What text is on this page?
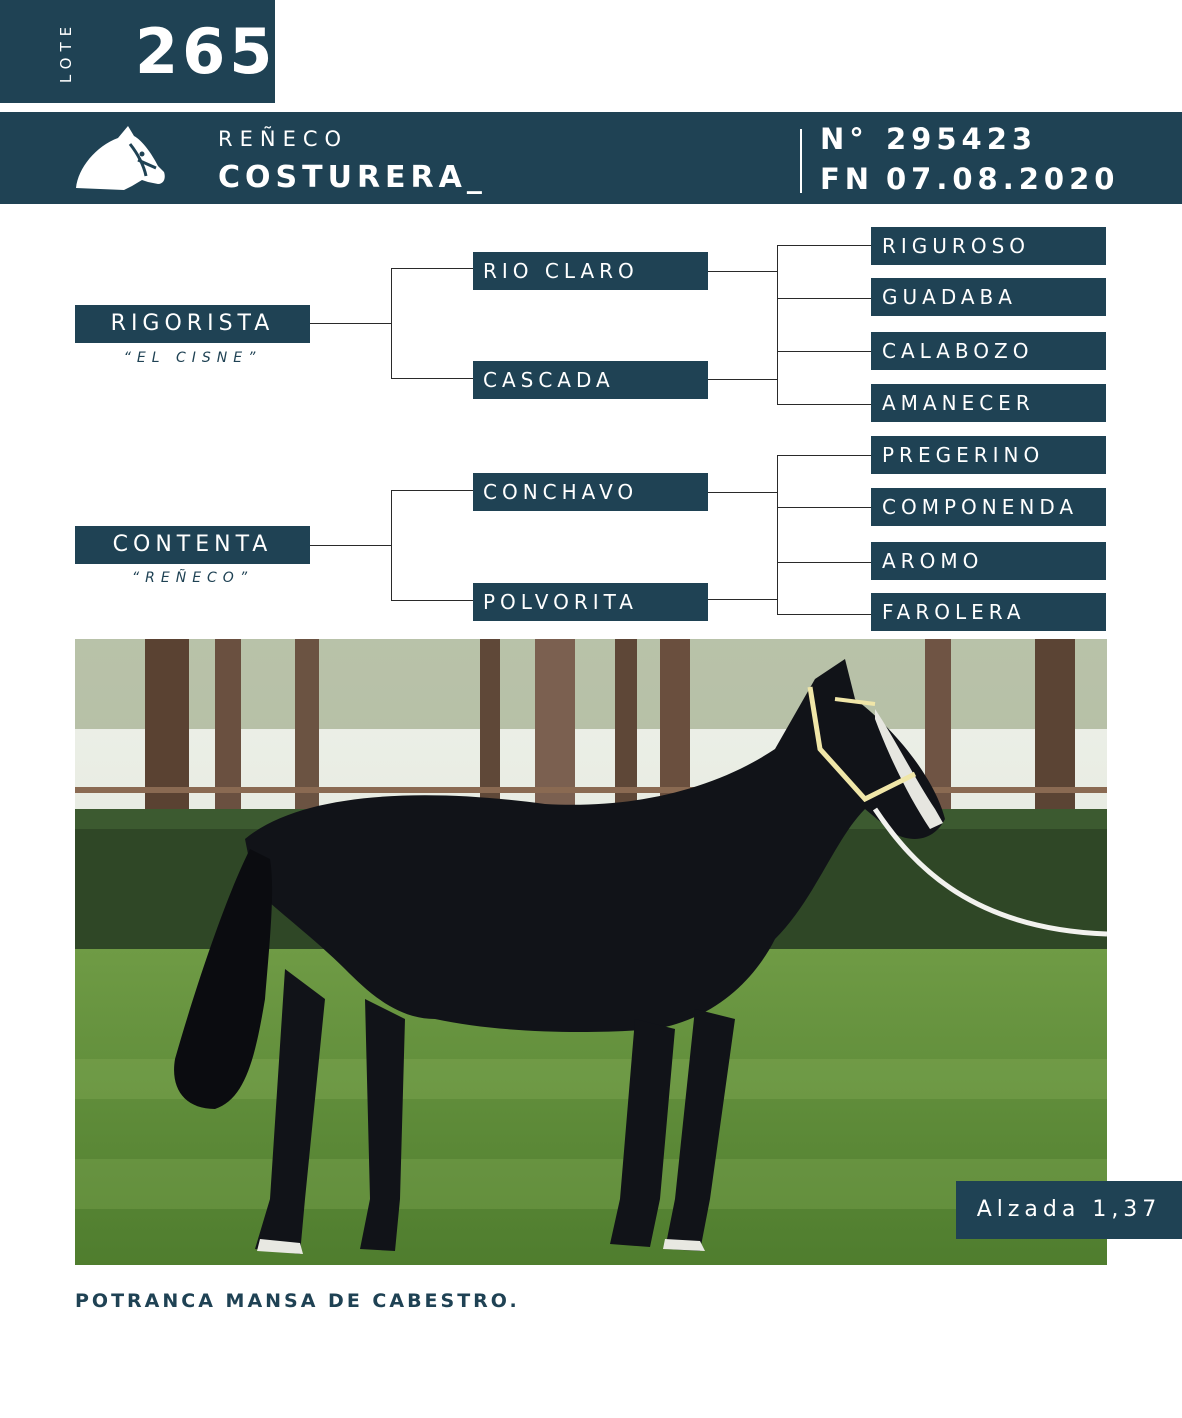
LOTE 265
REÑECO
COSTURERA_
N° 295423
FN 07.08.2020
RIGORISTA
“EL CISNE”
CONTENTA
“REÑECO”
RIO CLARO
CASCADA
CONCHAVO
POLVORITA
RIGUROSO
GUADABA
CALABOZO
AMANECER
PREGERINO
COMPONENDA
AROMO
FAROLERA
Alzada 1,37
POTRANCA MANSA DE CABESTRO.
